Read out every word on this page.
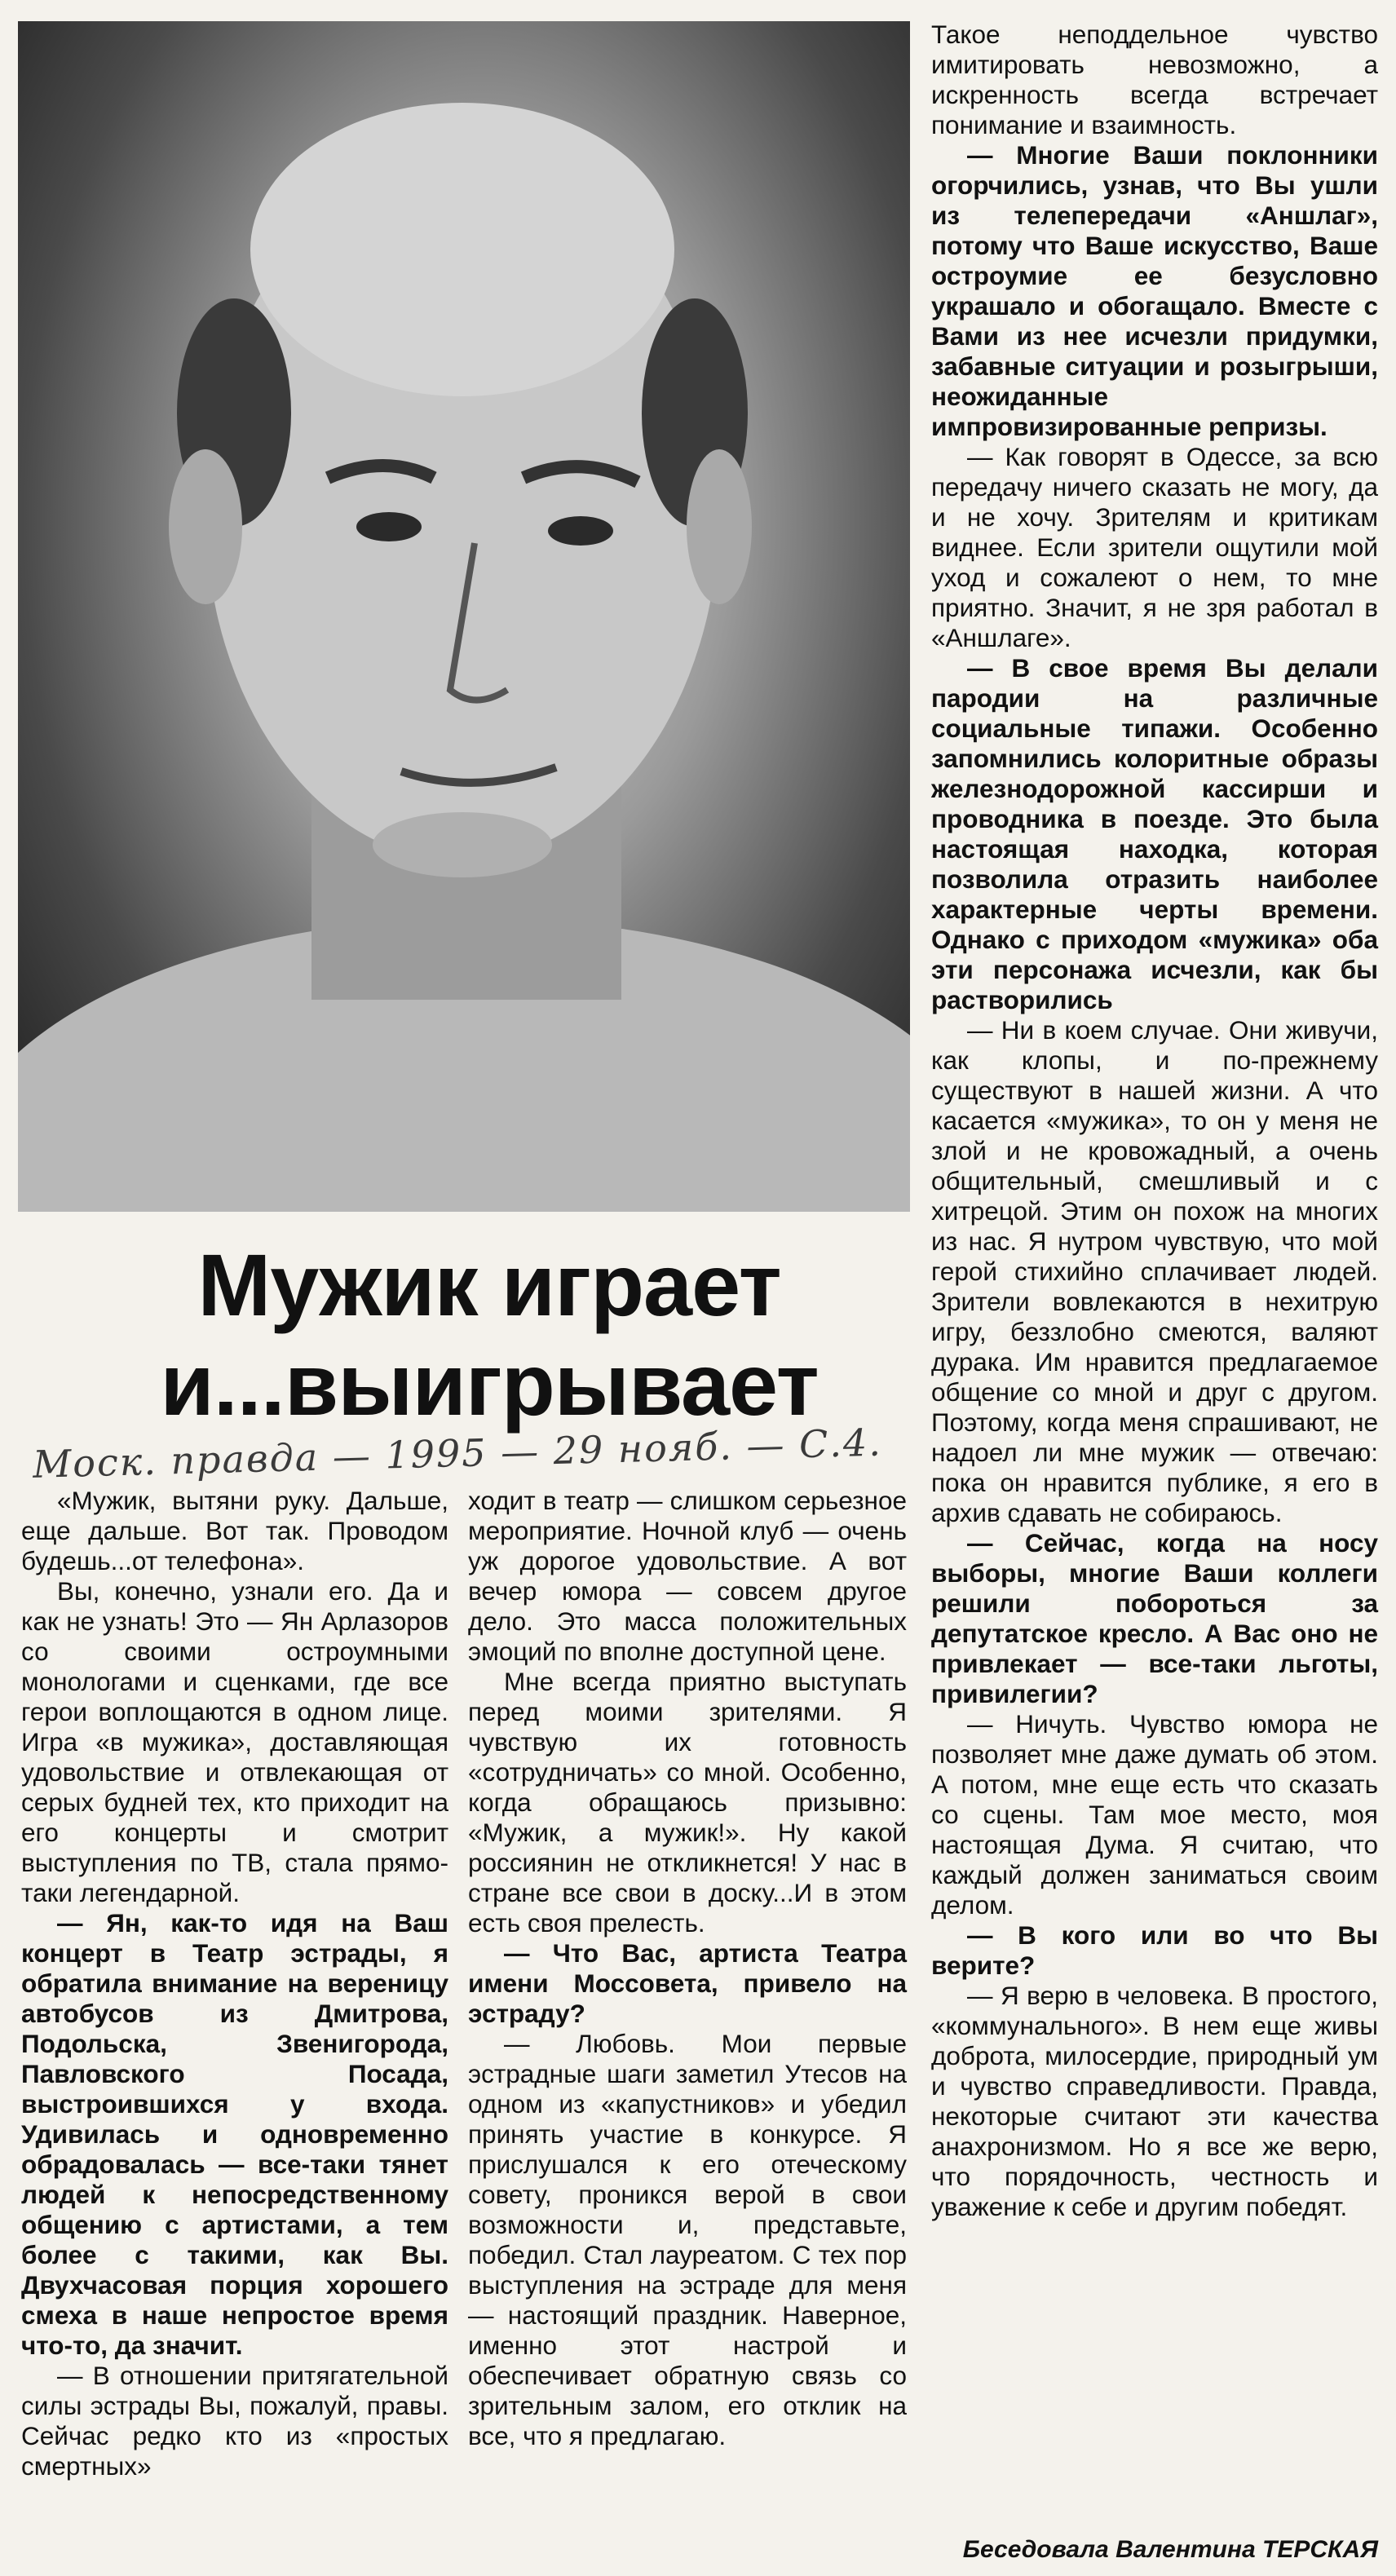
Мужик играет
и...выигрывает
Моск. правда — 1995 — 29 нояб. — С.4.

«Мужик, вытяни руку. Дальше, еще дальше. Вот так. Проводом будешь...от телефона».

Вы, конечно, узнали его. Да и как не узнать! Это — Ян Арлазоров со своими остроумными монологами и сценками, где все герои воплощаются в одном лице. Игра «в мужика», доставляющая удовольствие и отвлекающая от серых будней тех, кто приходит на его концерты и смотрит выступления по ТВ, стала прямо-таки легендарной.

— Ян, как-то идя на Ваш концерт в Театр эстрады, я обратила внимание на вереницу автобусов из Дмитрова, Подольска, Звенигорода, Павловского Посада, выстроившихся у входа. Удивилась и одновременно обрадовалась — все-таки тянет людей к непосредственному общению с артистами, а тем более с такими, как Вы. Двухчасовая порция хорошего смеха в наше непростое время что-то, да значит.

— В отношении притягательной силы эстрады Вы, пожалуй, правы. Сейчас редко кто из «простых смертных»

ходит в театр — слишком серьезное мероприятие. Ночной клуб — очень уж дорогое удовольствие. А вот вечер юмора — совсем другое дело. Это масса положительных эмоций по вполне доступной цене.

Мне всегда приятно выступать перед моими зрителями. Я чувствую их готовность «сотрудничать» со мной. Особенно, когда обращаюсь призывно: «Мужик, а мужик!». Ну какой россиянин не откликнется! У нас в стране все свои в доску...И в этом есть своя прелесть.

— Что Вас, артиста Театра имени Моссовета, привело на эстраду?

— Любовь. Мои первые эстрадные шаги заметил Утесов на одном из «капустников» и убедил принять участие в конкурсе. Я прислушался к его отеческому совету, проникся верой в свои возможности и, представьте, победил. Стал лауреатом. С тех пор выступления на эстраде для меня — настоящий праздник. Наверное, именно этот настрой и обеспечивает обратную связь со зрительным залом, его отклик на все, что я предлагаю.

Такое неподдельное чувство имитировать невозможно, а искренность всегда встречает понимание и взаимность.

— Многие Ваши поклонники огорчились, узнав, что Вы ушли из телепередачи «Аншлаг», потому что Ваше искусство, Ваше остроумие ее безусловно украшало и обогащало. Вместе с Вами из нее исчезли придумки, забавные ситуации и розыгрыши, неожиданные импровизированные репризы.

— Как говорят в Одессе, за всю передачу ничего сказать не могу, да и не хочу. Зрителям и критикам виднее. Если зрители ощутили мой уход и сожалеют о нем, то мне приятно. Значит, я не зря работал в «Аншлаге».

— В свое время Вы делали пародии на различные социальные типажи. Особенно запомнились колоритные образы железнодорожной кассирши и проводника в поезде. Это была настоящая находка, которая позволила отразить наиболее характерные черты времени. Однако с приходом «мужика» оба эти персонажа исчезли, как бы растворились

— Ни в коем случае. Они живучи, как клопы, и по-прежнему существуют в нашей жизни. А что касается «мужика», то он у меня не злой и не кровожадный, а очень общительный, смешливый и с хитрецой. Этим он похож на многих из нас. Я нутром чувствую, что мой герой стихийно сплачивает людей. Зрители вовлекаются в нехитрую игру, беззлобно смеются, валяют дурака. Им нравится предлагаемое общение со мной и друг с другом. Поэтому, когда меня спрашивают, не надоел ли мне мужик — отвечаю: пока он нравится публике, я его в архив сдавать не собираюсь.

— Сейчас, когда на носу выборы, многие Ваши коллеги решили побороться за депутатское кресло. А Вас оно не привлекает — все-таки льготы, привилегии?

— Ничуть. Чувство юмора не позволяет мне даже думать об этом. А потом, мне еще есть что сказать со сцены. Там мое место, моя настоящая Дума. Я считаю, что каждый должен заниматься своим делом.

— В кого или во что Вы верите?

— Я верю в человека. В простого, «коммунального». В нем еще живы доброта, милосердие, природный ум и чувство справедливости. Правда, некоторые считают эти качества анахронизмом. Но я все же верю, что порядочность, честность и уважение к себе и другим победят.

Беседовала Валентина ТЕРСКАЯ
